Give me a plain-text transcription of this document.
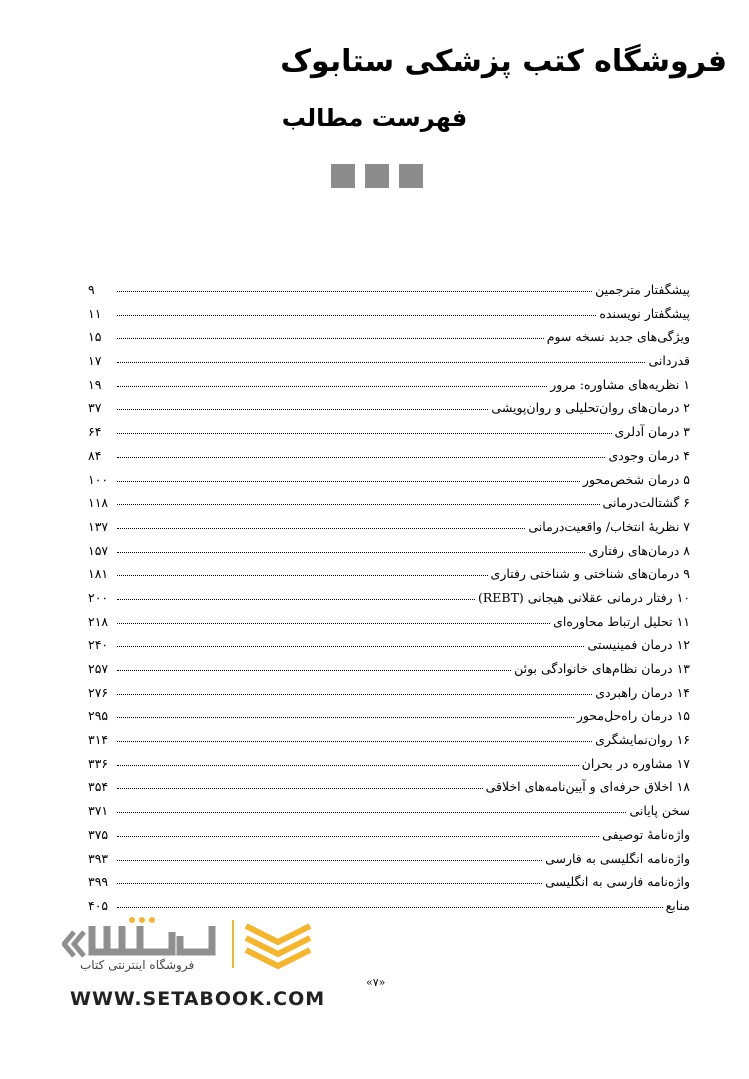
فروشگاه کتب پزشکی ستابوک
فهرست مطالب
پیشگفتار مترجمین
۹
پیشگفتار نویسنده
۱۱
ویژگی‌های جدید نسخه سوم
۱۵
قدردانی
۱۷
۱ نظریه‌های مشاوره: مرور
۱۹
۲ درمان‌های روان‌تحلیلی و روان‌پویشی
۳۷
۳ درمان آدلری
۶۴
۴ درمان وجودی
۸۴
۵ درمان شخص‌محور
۱۰۰
۶ گشتالت‌درمانی
۱۱۸
۷ نظریهٔ انتخاب/ واقعیت‌درمانی
۱۳۷
۸ درمان‌های رفتاری
۱۵۷
۹ درمان‌های شناختی و شناختی رفتاری
۱۸۱
۱۰ رفتار درمانی عقلانی هیجانی (REBT)
۲۰۰
۱۱ تحلیل ارتباط محاوره‌ای
۲۱۸
۱۲ درمان فمینیستی
۲۴۰
۱۳ درمان نظام‌های خانوادگی بوئن
۲۵۷
۱۴ درمان راهبردی
۲۷۶
۱۵ درمان راه‌حل‌محور
۲۹۵
۱۶ روان‌نمایشگری
۳۱۴
۱۷ مشاوره در بحران
۳۳۶
۱۸ اخلاق حرفه‌ای و آیین‌نامه‌های اخلاقی
۳۵۴
سخن پایانی
۳۷۱
واژه‌نامهٔ توصیفی
۳۷۵
واژه‌نامه انگلیسی به فارسی
۳۹۳
واژه‌نامه فارسی به انگلیسی
۳۹۹
منابع
۴۰۵
فروشگاه اینترنتی کتاب
WWW.SETABOOK.COM
«۷»
